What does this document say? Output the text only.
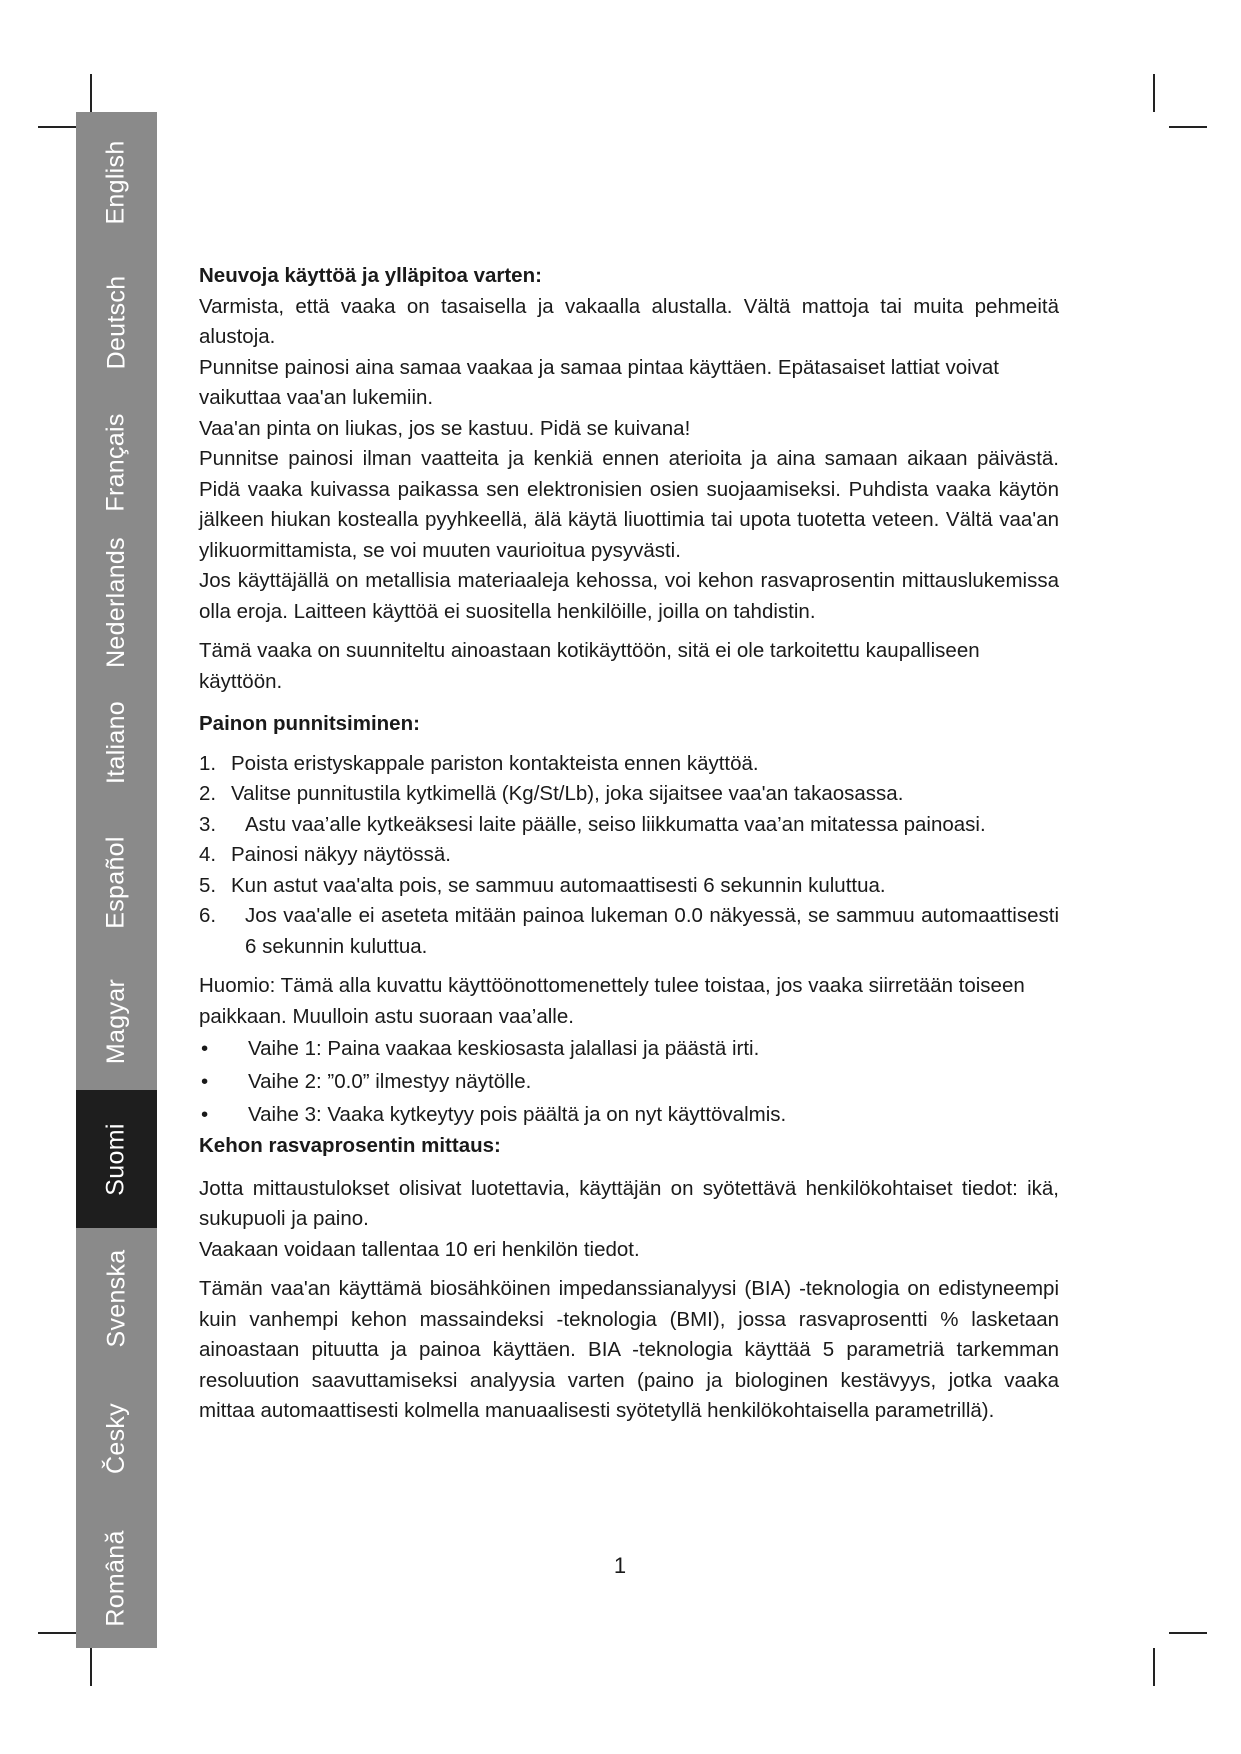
English
Deutsch
Français
Nederlands
Italiano
Español
Magyar
Suomi
Svenska
Česky
Română

Neuvoja käyttöä ja ylläpitoa varten:

Varmista, että vaaka on tasaisella ja vakaalla alustalla. Vältä mattoja tai muita pehmeitä alustoja.

Punnitse painosi aina samaa vaakaa ja samaa pintaa käyttäen. Epätasaiset lattiat voivat vaikuttaa vaa'an lukemiin.

Vaa'an pinta on liukas, jos se kastuu. Pidä se kuivana!

Punnitse painosi ilman vaatteita ja kenkiä ennen aterioita ja aina samaan aikaan päivästä. Pidä vaaka kuivassa paikassa sen elektronisien osien suojaamiseksi. Puhdista vaaka käytön jälkeen hiukan kostealla pyyhkeellä, älä käytä liuottimia tai upota tuotetta veteen. Vältä vaa'an ylikuormittamista, se voi muuten vaurioitua pysyvästi.

Jos käyttäjällä on metallisia materiaaleja kehossa, voi kehon rasvaprosentin mittauslukemissa olla eroja. Laitteen käyttöä ei suositella henkilöille, joilla on tahdistin.

Tämä vaaka on suunniteltu ainoastaan kotikäyttöön, sitä ei ole tarkoitettu kaupalliseen käyttöön.

Painon punnitsiminen:

1. Poista eristyskappale pariston kontakteista ennen käyttöä.
2. Valitse punnitustila kytkimellä (Kg/St/Lb), joka sijaitsee vaa'an takaosassa.
3.	Astu vaa’alle kytkeäksesi laite päälle, seiso liikkumatta vaa’an mitatessa painoasi.
4. Painosi näkyy näytössä.
5. Kun astut vaa'alta pois, se sammuu automaattisesti 6 sekunnin kuluttua.
6.	Jos vaa'alle ei aseteta mitään painoa lukeman 0.0 näkyessä, se sammuu automaattisesti 6 sekunnin kuluttua.

Huomio: Tämä alla kuvattu käyttöönottomenettely tulee toistaa, jos vaaka siirretään toiseen paikkaan. Muulloin astu suoraan vaa’alle.

•	Vaihe 1: Paina vaakaa keskiosasta jalallasi ja päästä irti.
•	Vaihe 2: ”0.0” ilmestyy näytölle.
•	Vaihe 3: Vaaka kytkeytyy pois päältä ja on nyt käyttövalmis.

Kehon rasvaprosentin mittaus:

Jotta mittaustulokset olisivat luotettavia, käyttäjän on syötettävä henkilökohtaiset tiedot: ikä, sukupuoli ja paino.

Vaakaan voidaan tallentaa 10 eri henkilön tiedot.

Tämän vaa'an käyttämä biosähköinen impedanssianalyysi (BIA) -teknologia on edistyneempi kuin vanhempi kehon massaindeksi -teknologia (BMI), jossa rasvaprosentti % lasketaan ainoastaan pituutta ja painoa käyttäen. BIA -teknologia käyttää 5 parametriä tarkemman resoluution saavuttamiseksi analyysia varten (paino ja biologinen kestävyys, jotka vaaka mittaa automaattisesti kolmella manuaalisesti syötetyllä henkilökohtaisella parametrillä).

1
